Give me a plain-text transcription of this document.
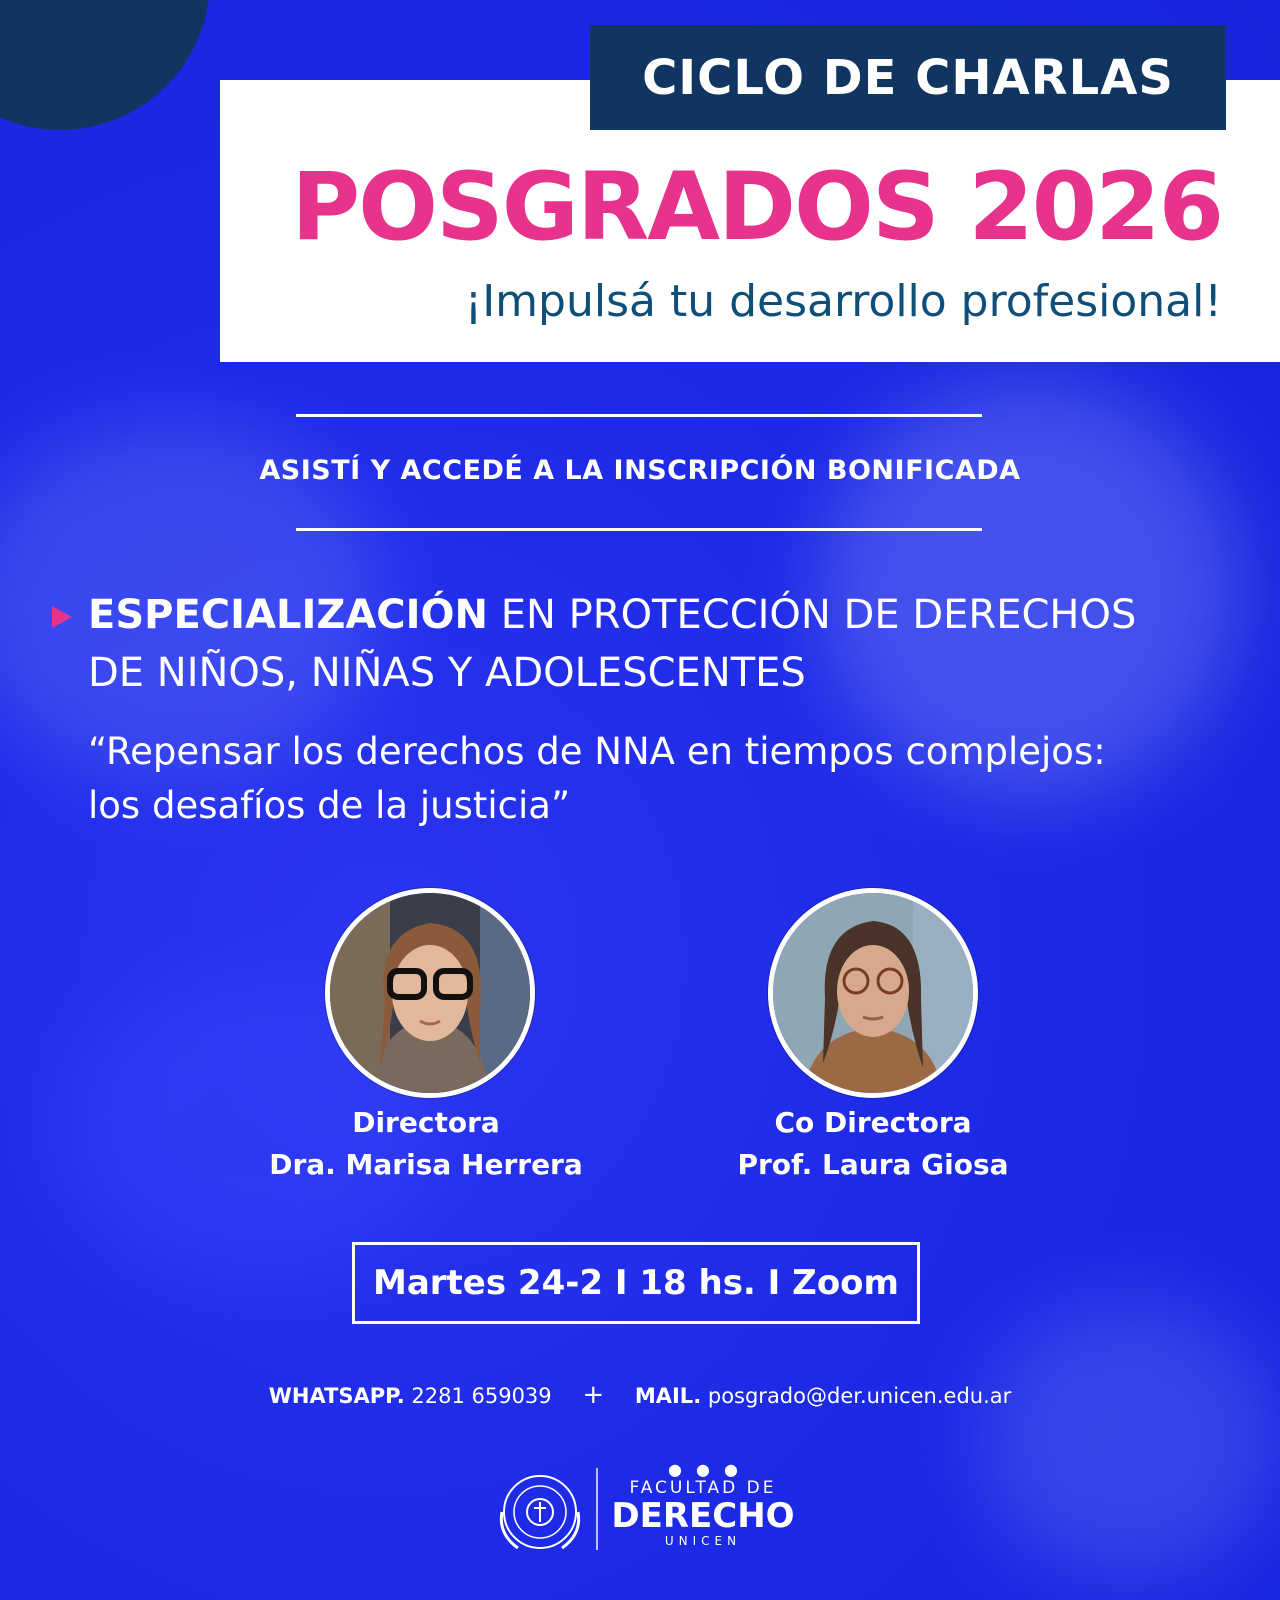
CICLO DE CHARLAS
POSGRADOS 2026
¡Impulsá tu desarrollo profesional!
ASISTÍ Y ACCEDÉ A LA INSCRIPCIÓN BONIFICADA
ESPECIALIZACIÓN EN PROTECCIÓN DE DERECHOS
DE NIÑOS, NIÑAS Y ADOLESCENTES
“Repensar los derechos de NNA en tiempos complejos:
los desafíos de la justicia”
Directora
Dra. Marisa Herrera
Co Directora
Prof. Laura Giosa
Martes 24-2 I 18 hs. I Zoom
WHATSAPP. 2281 659039 + MAIL. posgrado@der.unicen.edu.ar
●●●
FACULTAD DE
DERECHO
UNICEN
